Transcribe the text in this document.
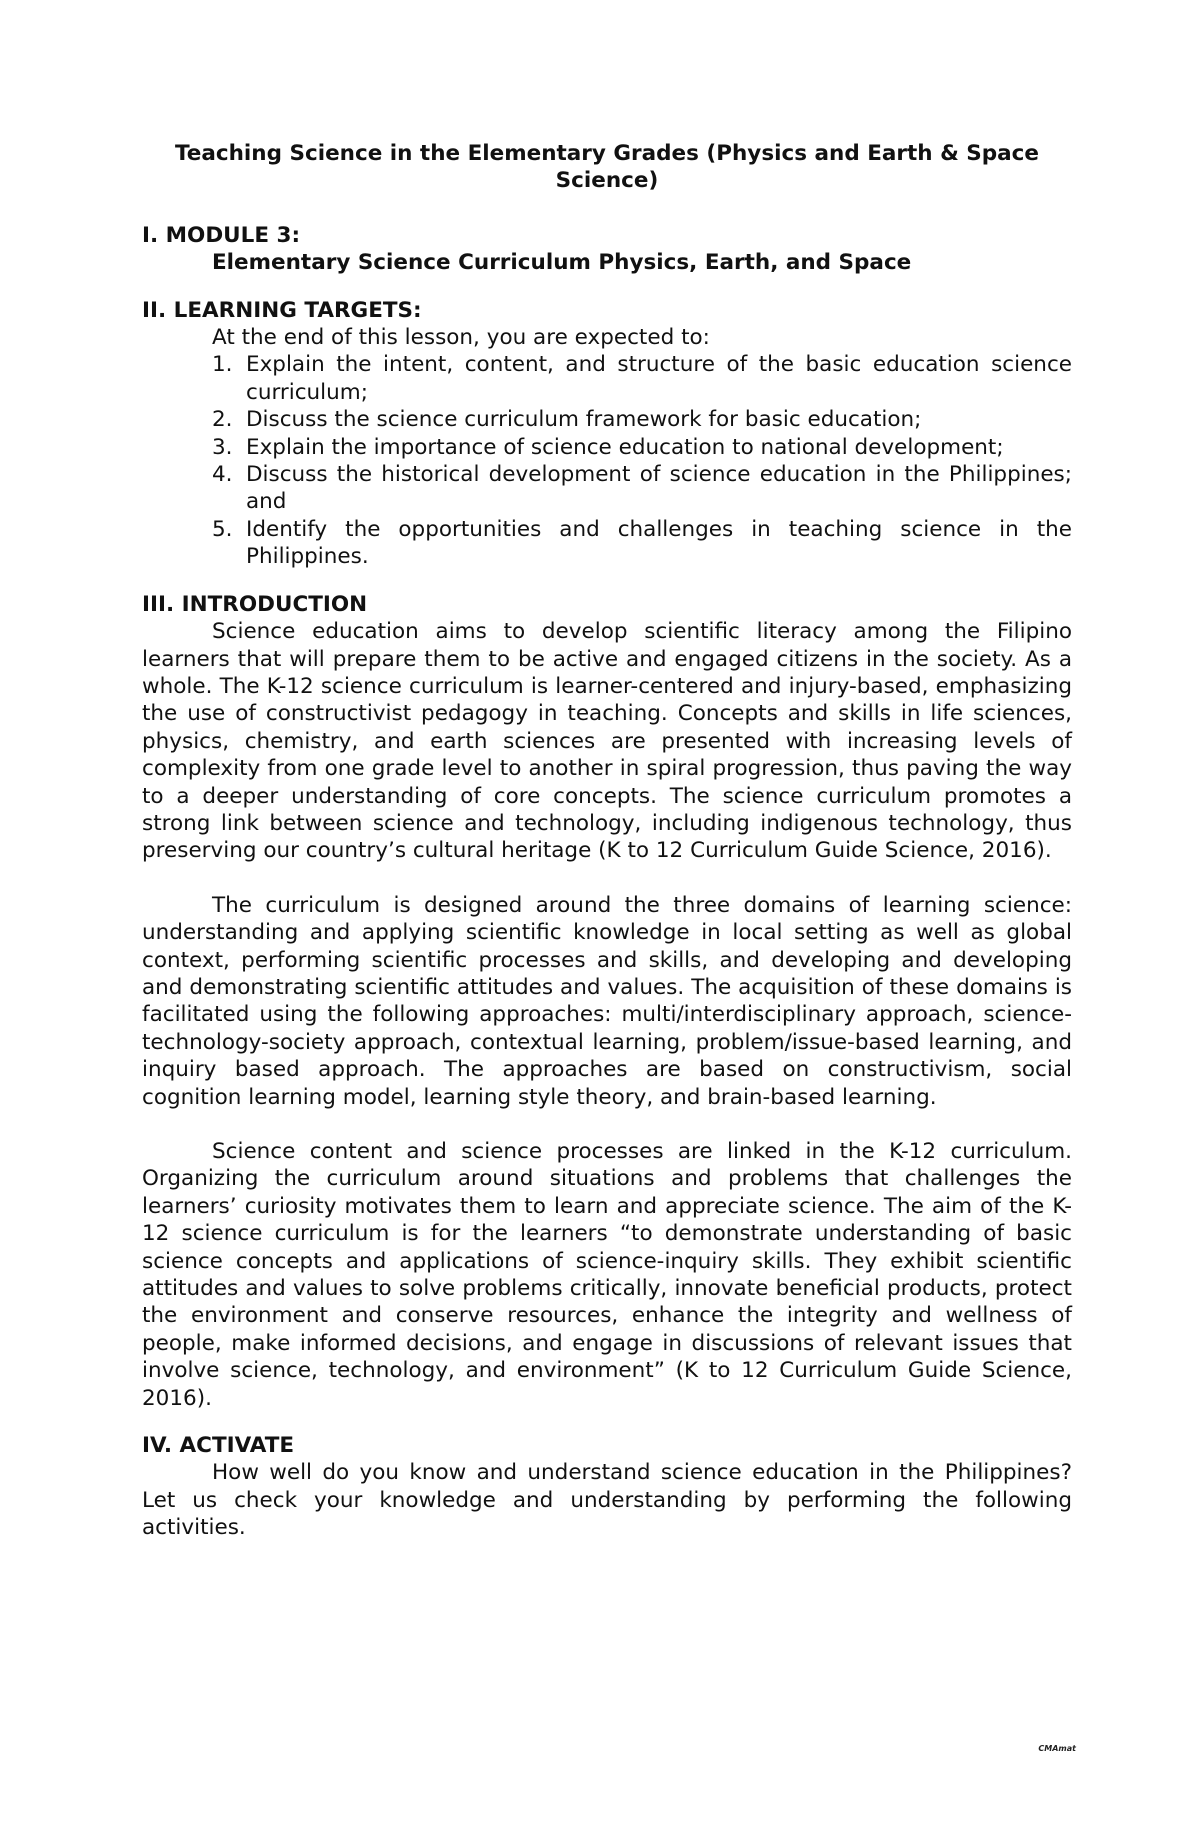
Teaching Science in the Elementary Grades (Physics and Earth & Space Science)
I. MODULE 3:
Elementary Science Curriculum Physics, Earth, and Space
II. LEARNING TARGETS:
At the end of this lesson, you are expected to:
1. Explain the intent, content, and structure of the basic education science curriculum;
2. Discuss the science curriculum framework for basic education;
3. Explain the importance of science education to national development;
4. Discuss the historical development of science education in the Philippines; and
5. Identify the opportunities and challenges in teaching science in the Philippines.
III. INTRODUCTION

Science education aims to develop scientific literacy among the Filipino learners that will prepare them to be active and engaged citizens in the society. As a whole. The K-12 science curriculum is learner-centered and injury-based, emphasizing the use of constructivist pedagogy in teaching. Concepts and skills in life sciences, physics, chemistry, and earth sciences are presented with increasing levels of complexity from one grade level to another in spiral progression, thus paving the way to a deeper understanding of core concepts. The science curriculum promotes a strong link between science and technology, including indigenous technology, thus preserving our country’s cultural heritage (K to 12 Curriculum Guide Science, 2016).

The curriculum is designed around the three domains of learning science: understanding and applying scientific knowledge in local setting as well as global context, performing scientific processes and skills, and developing and developing and demonstrating scientific attitudes and values. The acquisition of these domains is facilitated using the following approaches: multi/interdisciplinary approach, science-technology-society approach, contextual learning, problem/issue-based learning, and inquiry based approach. The approaches are based on constructivism, social cognition learning model, learning style theory, and brain-based learning.

Science content and science processes are linked in the K-12 curriculum. Organizing the curriculum around situations and problems that challenges the learners’ curiosity motivates them to learn and appreciate science. The aim of the K-12 science curriculum is for the learners “to demonstrate understanding of basic science concepts and applications of science-inquiry skills. They exhibit scientific attitudes and values to solve problems critically, innovate beneficial products, protect the environment and conserve resources, enhance the integrity and wellness of people, make informed decisions, and engage in discussions of relevant issues that involve science, technology, and environment” (K to 12 Curriculum Guide Science, 2016).

IV. ACTIVATE

How well do you know and understand science education in the Philippines? Let us check your knowledge and understanding by performing the following activities.

CMAmat
